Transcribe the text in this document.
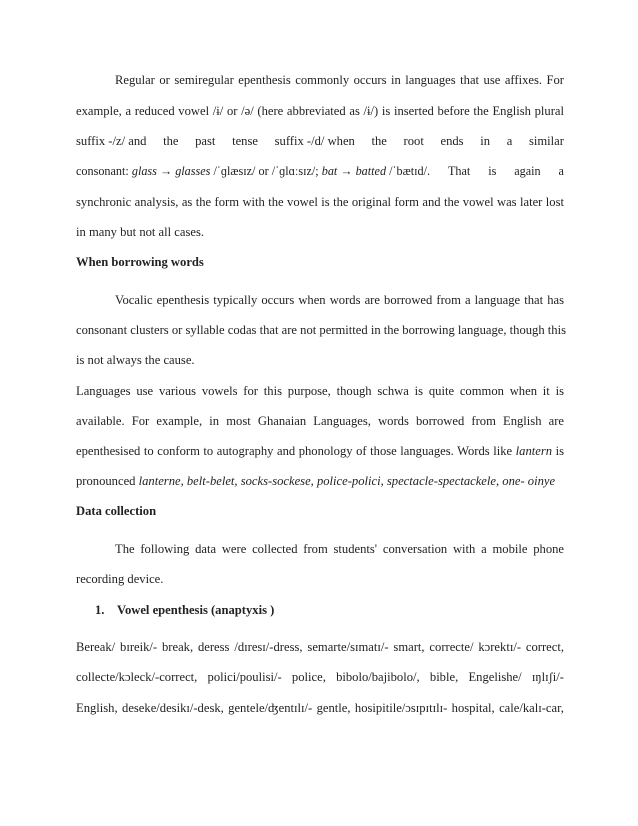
Regular or semiregular epenthesis commonly occurs in languages that use affixes. For
example, a reduced vowel /ɨ/ or /ə/ (here abbreviated as /ɨ/) is inserted before the English plural
suffix -/z/ and the past tense suffix -/d/ when the root ends in a similar
consonant: glass → glasses /ˈɡlæsɪz/ or /ˈɡlɑːsɪz/; bat → batted /ˈbætɪd/. That is again a
synchronic analysis, as the form with the vowel is the original form and the vowel was later lost
in many but not all cases.
When borrowing words
Vocalic epenthesis typically occurs when words are borrowed from a language that has
consonant clusters or syllable codas that are not permitted in the borrowing language, though this
is not always the cause.
Languages use various vowels for this purpose, though schwa is quite common when it is
available. For example, in most Ghanaian Languages, words borrowed from English are
epenthesised to conform to autography and phonology of those languages. Words like lantern is
pronounced lanterne, belt-belet, socks-sockese, police-polici, spectacle-spectackele, one- oinye
Data collection
The following data were collected from students' conversation with a mobile phone
recording device.
1. Vowel epenthesis (anaptyxis )
Bereak/ bɪreik/- break, deress /dɪresɪ/-dress, semarte/sɪmatɪ/- smart, correcte/ kɔrektɪ/- correct,
collecte/kɔleck/-correct, polici/poulisi/- police, bibolo/bajibolo/, bible, Engelishe/ ɪŋlɪʃi/-
English, deseke/desikɪ/-desk, gentele/ʤentɪlɪ/- gentle, hosipitile/ɔsɪpɪtɪlɪ- hospital, cale/kalɪ-car,
